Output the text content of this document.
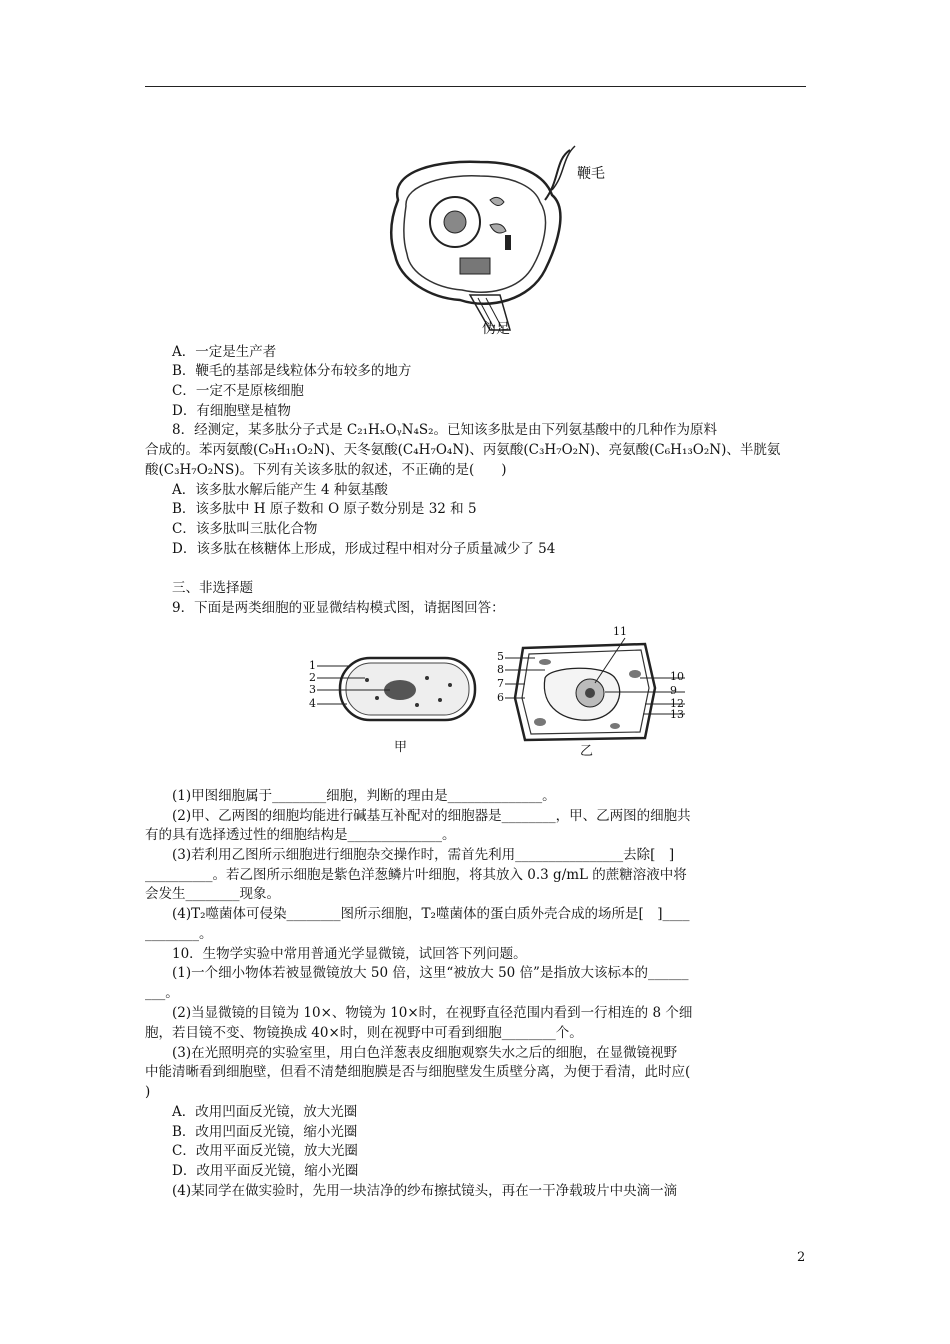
鞭毛
伪足
A．一定是生产者
B．鞭毛的基部是线粒体分布较多的地方
C．一定不是原核细胞
D．有细胞壁是植物
8．经测定，某多肽分子式是 C₂₁HₓOᵧN₄S₂。已知该多肽是由下列氨基酸中的几种作为原料
合成的。苯丙氨酸(C₉H₁₁O₂N)、天冬氨酸(C₄H₇O₄N)、丙氨酸(C₃H₇O₂N)、亮氨酸(C₆H₁₃O₂N)、半胱氨
酸(C₃H₇O₂NS)。下列有关该多肽的叙述，不正确的是(　　)
A．该多肽水解后能产生 4 种氨基酸
B．该多肽中 H 原子数和 O 原子数分别是 32 和 5
C．该多肽叫三肽化合物
D．该多肽在核糖体上形成，形成过程中相对分子质量减少了 54
三、非选择题
9．下面是两类细胞的亚显微结构模式图，请据图回答：
1
2
3
4
甲
5
8
7
6
11
10
9
12
13
乙
(1)甲图细胞属于________细胞，判断的理由是______________。
(2)甲、乙两图的细胞均能进行碱基互补配对的细胞器是________，甲、乙两图的细胞共
有的具有选择透过性的细胞结构是______________。
(3)若利用乙图所示细胞进行细胞杂交操作时，需首先利用________________去除[　]
__________。若乙图所示细胞是紫色洋葱鳞片叶细胞，将其放入 0.3 g/mL 的蔗糖溶液中将
会发生________现象。
(4)T₂噬菌体可侵染________图所示细胞，T₂噬菌体的蛋白质外壳合成的场所是[　]____
________。
10．生物学实验中常用普通光学显微镜，试回答下列问题。
(1)一个细小物体若被显微镜放大 50 倍，这里“被放大 50 倍”是指放大该标本的______
___。
(2)当显微镜的目镜为 10×、物镜为 10×时，在视野直径范围内看到一行相连的 8 个细
胞，若目镜不变、物镜换成 40×时，则在视野中可看到细胞________个。
(3)在光照明亮的实验室里，用白色洋葱表皮细胞观察失水之后的细胞，在显微镜视野
中能清晰看到细胞壁，但看不清楚细胞膜是否与细胞壁发生质壁分离，为便于看清，此时应(
)
A．改用凹面反光镜，放大光圈
B．改用凹面反光镜，缩小光圈
C．改用平面反光镜，放大光圈
D．改用平面反光镜，缩小光圈
(4)某同学在做实验时，先用一块洁净的纱布擦拭镜头，再在一干净载玻片中央滴一滴
2
